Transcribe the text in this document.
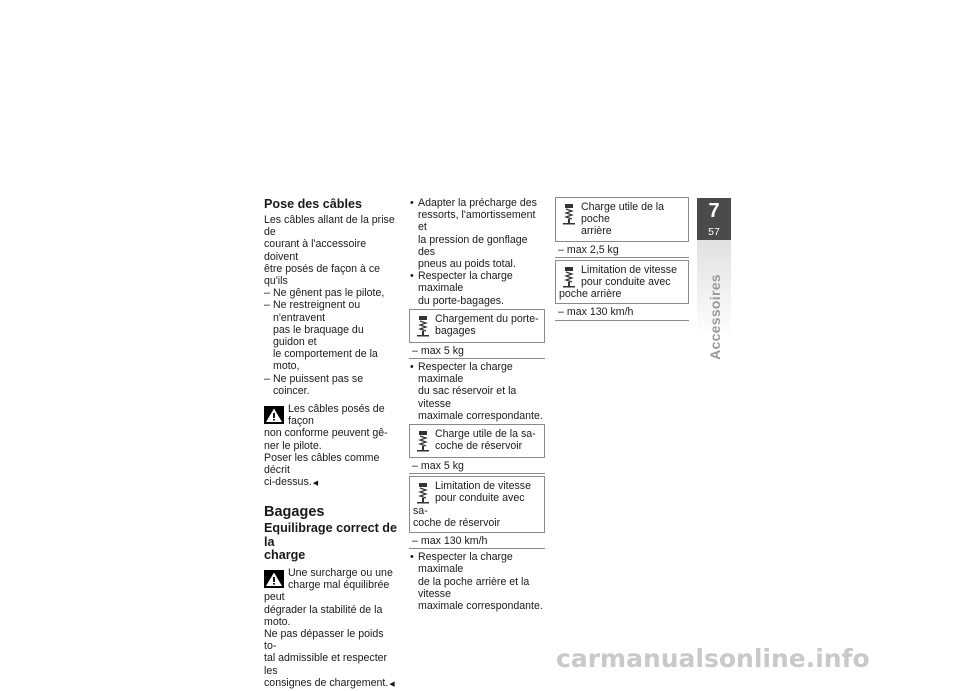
Pose des câbles

Les câbles allant de la prise de
courant à l'accessoire doivent
être posés de façon à ce qu'ils

– Ne gênent pas le pilote,

– Ne restreignent ou n'entravent
pas le braquage du guidon et
le comportement de la moto,

– Ne puissent pas se coincer.

Les câbles posés de façon
non conforme peuvent gê-
ner le pilote.

Poser les câbles comme décrit
ci-dessus. ◀

Bagages
Equilibrage correct de la
charge
Une surcharge ou une
charge mal équilibrée peut
dégrader la stabilité de la moto.

Ne pas dépasser le poids to-
tal admissible et respecter les
consignes de chargement. ◀

• Adapter la précharge des
ressorts, l'amortissement et
la pression de gonflage des
pneus au poids total.

• Respecter la charge maximale
du porte-bagages.

Chargement du porte-
bagages
– max 5 kg

• Respecter la charge maximale
du sac réservoir et la vitesse
maximale correspondante.

Charge utile de la sa-
coche de réservoir
– max 5 kg
Limitation de vitesse
pour conduite avec sa-
coche de réservoir
– max 130 km/h

• Respecter la charge maximale
de la poche arrière et la vitesse
maximale correspondante.

Charge utile de la poche
arrière
– max 2,5 kg
Limitation de vitesse
pour conduite avec
poche arrière
– max 130 km/h
7
57
Accessoires
carmanualsonline.info
